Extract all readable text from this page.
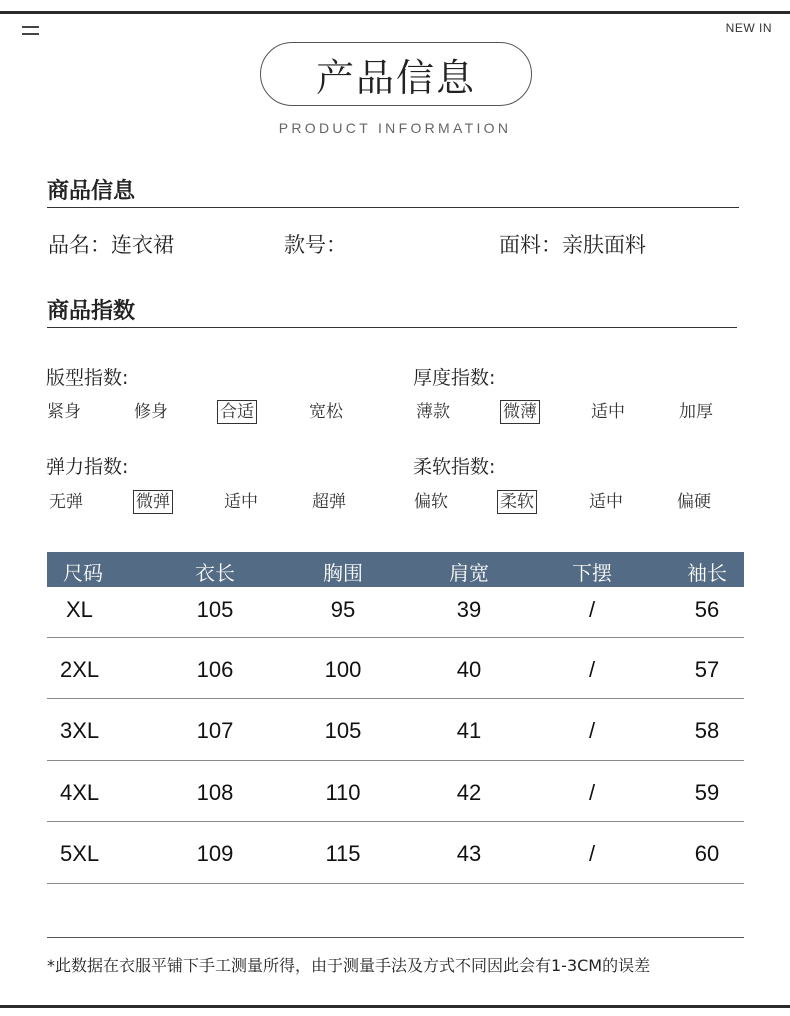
NEW IN
产品信息
PRODUCT INFORMATION
商品信息
品名：连衣裙	款号：	面料：亲肤面料
商品指数
版型指数:
紧身	修身	合适	宽松
厚度指数:
薄款	微薄	适中	加厚
弹力指数:
无弹	微弹	适中	超弹
柔软指数:
偏软	柔软	适中	偏硬
尺码	衣长	胸围	肩宽	下摆	袖长
XL	105	95	39	/	56
2XL	106	100	40	/	57
3XL	107	105	41	/	58
4XL	108	110	42	/	59
5XL	109	115	43	/	60
*此数据在衣服平铺下手工测量所得，由于测量手法及方式不同因此会有1-3CM的误差
